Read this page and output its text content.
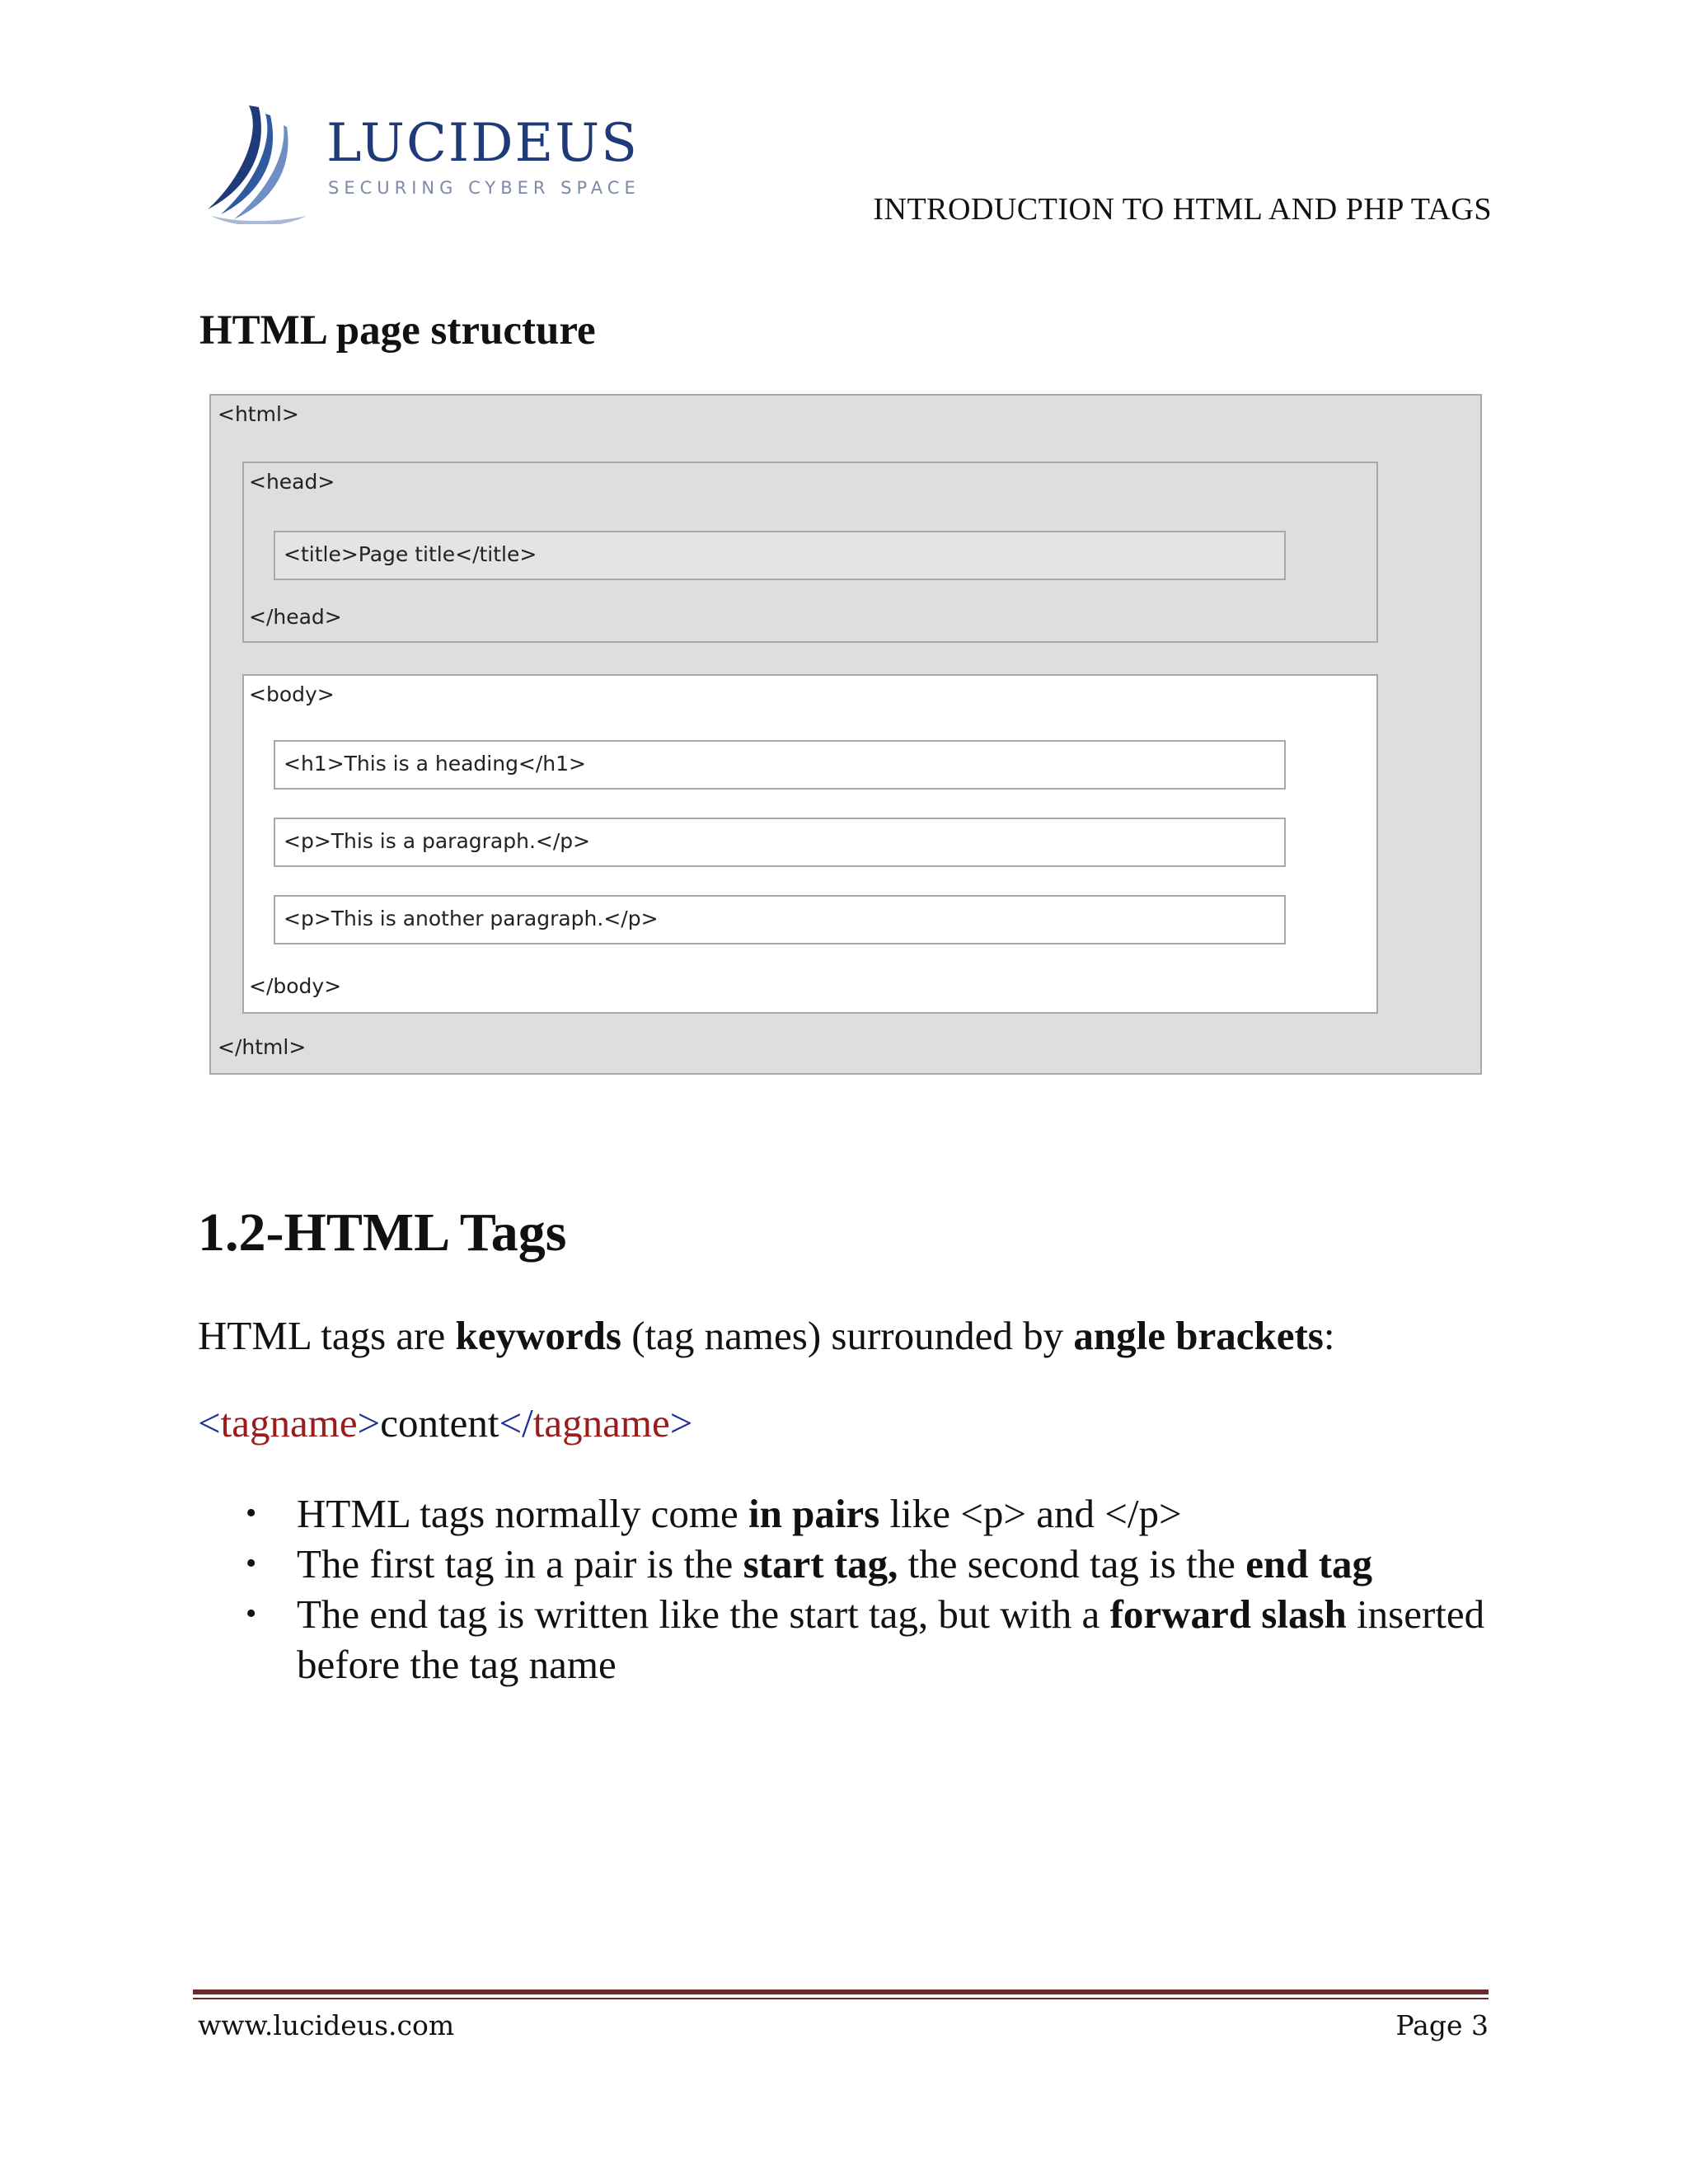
LUCIDEUS
SECURING CYBER SPACE
INTRODUCTION TO HTML AND PHP TAGS
HTML page structure
<html>
<head>
<title>Page title</title>
</head>
<body>
<h1>This is a heading</h1>
<p>This is a paragraph.</p>
<p>This is another paragraph.</p>
</body>
</html>
1.2-HTML Tags
HTML tags are keywords (tag names) surrounded by angle brackets:
<tagname>content</tagname>
• HTML tags normally come in pairs like <p> and </p>
• The first tag in a pair is the start tag, the second tag is the end tag
• The end tag is written like the start tag, but with a forward slash inserted before the tag name
www.lucideus.com	Page 3
